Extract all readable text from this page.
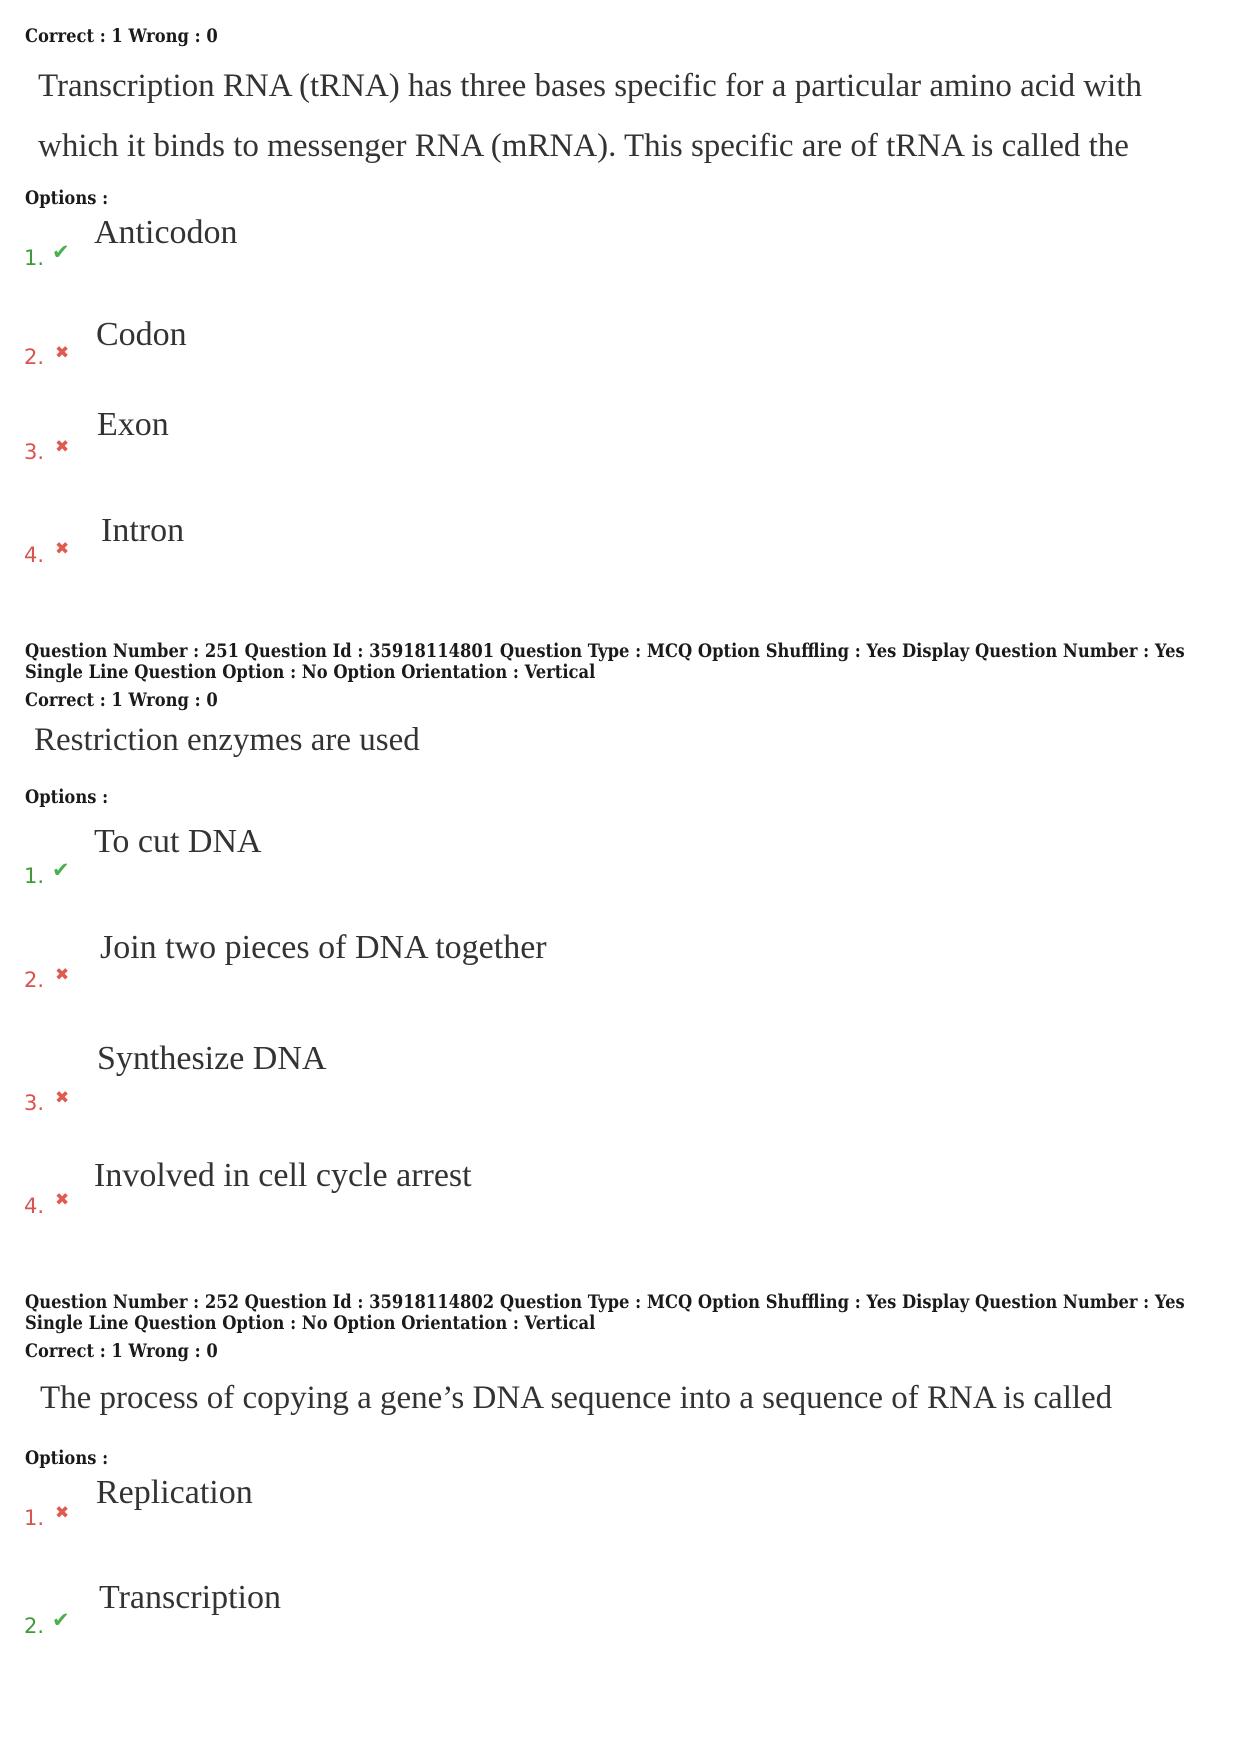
Correct : 1 Wrong : 0
Transcription RNA (tRNA) has three bases specific for a particular amino acid with
which it binds to messenger RNA (mRNA). This specific are of tRNA is called the
Options :
1. ✔
Anticodon
2. ✖ Codon
3. ✖
Exon
4. ✖ Intron
Question Number : 251 Question Id : 35918114801 Question Type : MCQ Option Shuffling : Yes Display Question Number : Yes
Single Line Question Option : No Option Orientation : Vertical
Correct : 1 Wrong : 0
Restriction enzymes are used
Options :
1. ✔
To cut DNA
2. ✖
Join two pieces of DNA together
3. ✖
Synthesize DNA
4. ✖
Involved in cell cycle arrest
Question Number : 252 Question Id : 35918114802 Question Type : MCQ Option Shuffling : Yes Display Question Number : Yes
Single Line Question Option : No Option Orientation : Vertical
Correct : 1 Wrong : 0
The process of copying a gene’s DNA sequence into a sequence of RNA is called
Options :
1. ✖
Replication
2. ✔
Transcription
